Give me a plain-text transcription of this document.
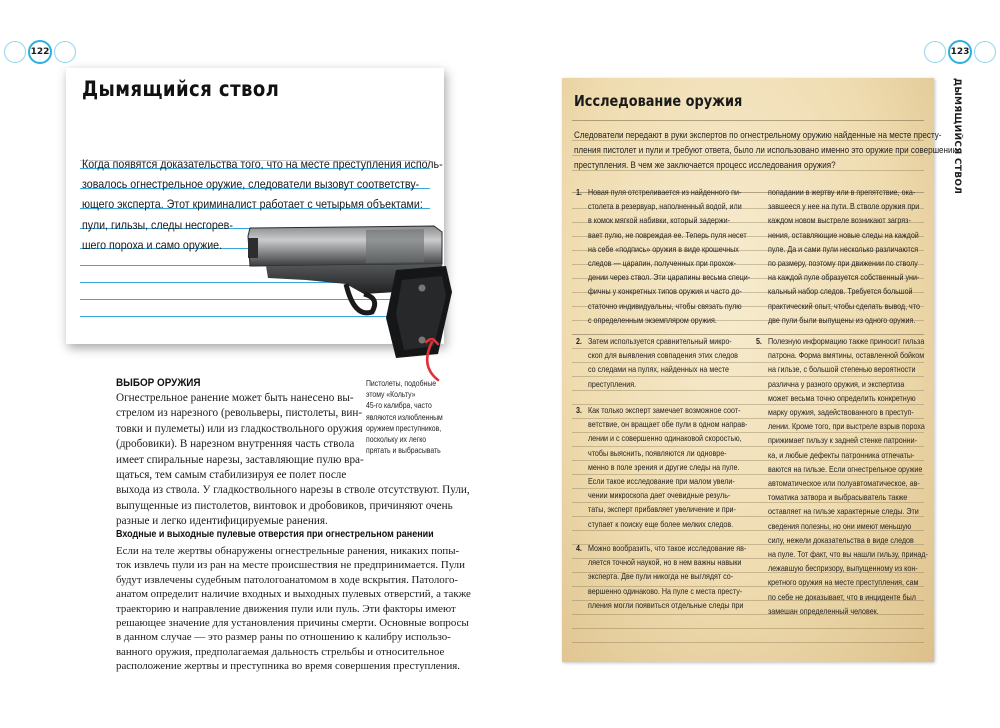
122
Дымящийся ствол
Когда появятся доказательства того, что на месте преступления исполь-
зовалось огнестрельное оружие, следователи вызовут соответству-
ющего эксперта. Этот криминалист работает с четырьмя объектами:
пули, гильзы, следы несгорев-
шего пороха и само оружие.
Пистолеты, подобные
этому «Кольту»
45-го калибра, часто
являются излюбленным
оружием преступников,
поскольку их легко
прятать и выбрасывать
ВЫБОР ОРУЖИЯ
Огнестрельное ранение может быть нанесено вы-
стрелом из нарезного (револьверы, пистолеты, вин-
товки и пулеметы) или из гладкоствольного оружия
(дробовики). В нарезном внутренняя часть ствола
имеет спиральные нарезы, заставляющие пулю вра-
щаться, тем самым стабилизируя ее полет после
выхода из ствола. У гладкоствольного нарезы в стволе отсутствуют. Пули,
выпущенные из пистолетов, винтовок и дробовиков, причиняют очень
разные и легко идентифицируемые ранения.
Входные и выходные пулевые отверстия при огнестрельном ранении
Если на теле жертвы обнаружены огнестрельные ранения, никаких попы-
ток извлечь пули из ран на месте происшествия не предпринимается. Пули
будут извлечены судебным патологоанатомом в ходе вскрытия. Патолого-
анатом определит наличие входных и выходных пулевых отверстий, а также
траекторию и направление движения пули или пуль. Эти факторы имеют
решающее значение для установления причины смерти. Основные вопросы
в данном случае — это размер раны по отношению к калибру использо-
ванного оружия, предполагаемая дальность стрельбы и относительное
расположение жертвы и преступника во время совершения преступления.
123
ДЫМЯЩИЙСЯ СТВОЛ
Исследование оружия
Следователи передают в руки экспертов по огнестрельному оружию найденные на месте престу-
пления пистолет и пули и требуют ответа, было ли использовано именно это оружие при совершении
преступления. В чем же заключается процесс исследования оружия?
1. Новая пуля отстреливается из найденного пи-
столета в резервуар, наполненный водой, или
в комок мягкой набивки, который задержи-
вает пулю, не повреждая ее. Теперь пуля несет
на себе «подпись» оружия в виде крошечных
следов — царапин, полученных при прохож-
дении через ствол. Эти царапины весьма специ-
фичны у конкретных типов оружия и часто до-
статочно индивидуальны, чтобы связать пулю
с определенным экземпляром оружия.
попадании в жертву или в препятствие, ока-
завшееся у нее на пути. В стволе оружия при
каждом новом выстреле возникают загряз-
нения, оставляющие новые следы на каждой
пуле. Да и сами пули несколько различаются
по размеру, поэтому при движении по стволу
на каждой пуле образуется собственный уни-
кальный набор следов. Требуется большой
практический опыт, чтобы сделать вывод, что
две пули были выпущены из одного оружия.
2. Затем используется сравнительный микро-
скоп для выявления совпадения этих следов
со следами на пулях, найденных на месте
преступления.
3. Как только эксперт замечает возможное соот-
ветствие, он вращает обе пули в одном направ-
лении и с совершенно одинаковой скоростью,
чтобы выяснить, появляются ли одновре-
менно в поле зрения и другие следы на пуле.
Если такое исследование при малом увели-
чении микроскопа дает очевидные резуль-
таты, эксперт прибавляет увеличение и при-
ступает к поиску еще более мелких следов.
4. Можно вообразить, что такое исследование яв-
ляется точной наукой, но в нем важны навыки
эксперта. Две пули никогда не выглядят со-
вершенно одинаково. На пуле с места престу-
пления могли появиться отдельные следы при
5. Полезную информацию также приносит гильза
патрона. Форма вмятины, оставленной бойком
на гильзе, с большой степенью вероятности
различна у разного оружия, и экспертиза
может весьма точно определить конкретную
марку оружия, задействованного в преступ-
лении. Кроме того, при выстреле взрыв пороха
прижимает гильзу к задней стенке патронни-
ка, и любые дефекты патронника отпечаты-
ваются на гильзе. Если огнестрельное оружие
автоматическое или полуавтоматическое, ав-
томатика затвора и выбрасыватель также
оставляет на гильзе характерные следы. Эти
сведения полезны, но они имеют меньшую
силу, нежели доказательства в виде следов
на пуле. Тот факт, что вы нашли гильзу, принад-
лежавшую беспризору, выпущенному из кон-
кретного оружия на месте преступления, сам
по себе не доказывает, что в инциденте был
замешан определенный человек.
